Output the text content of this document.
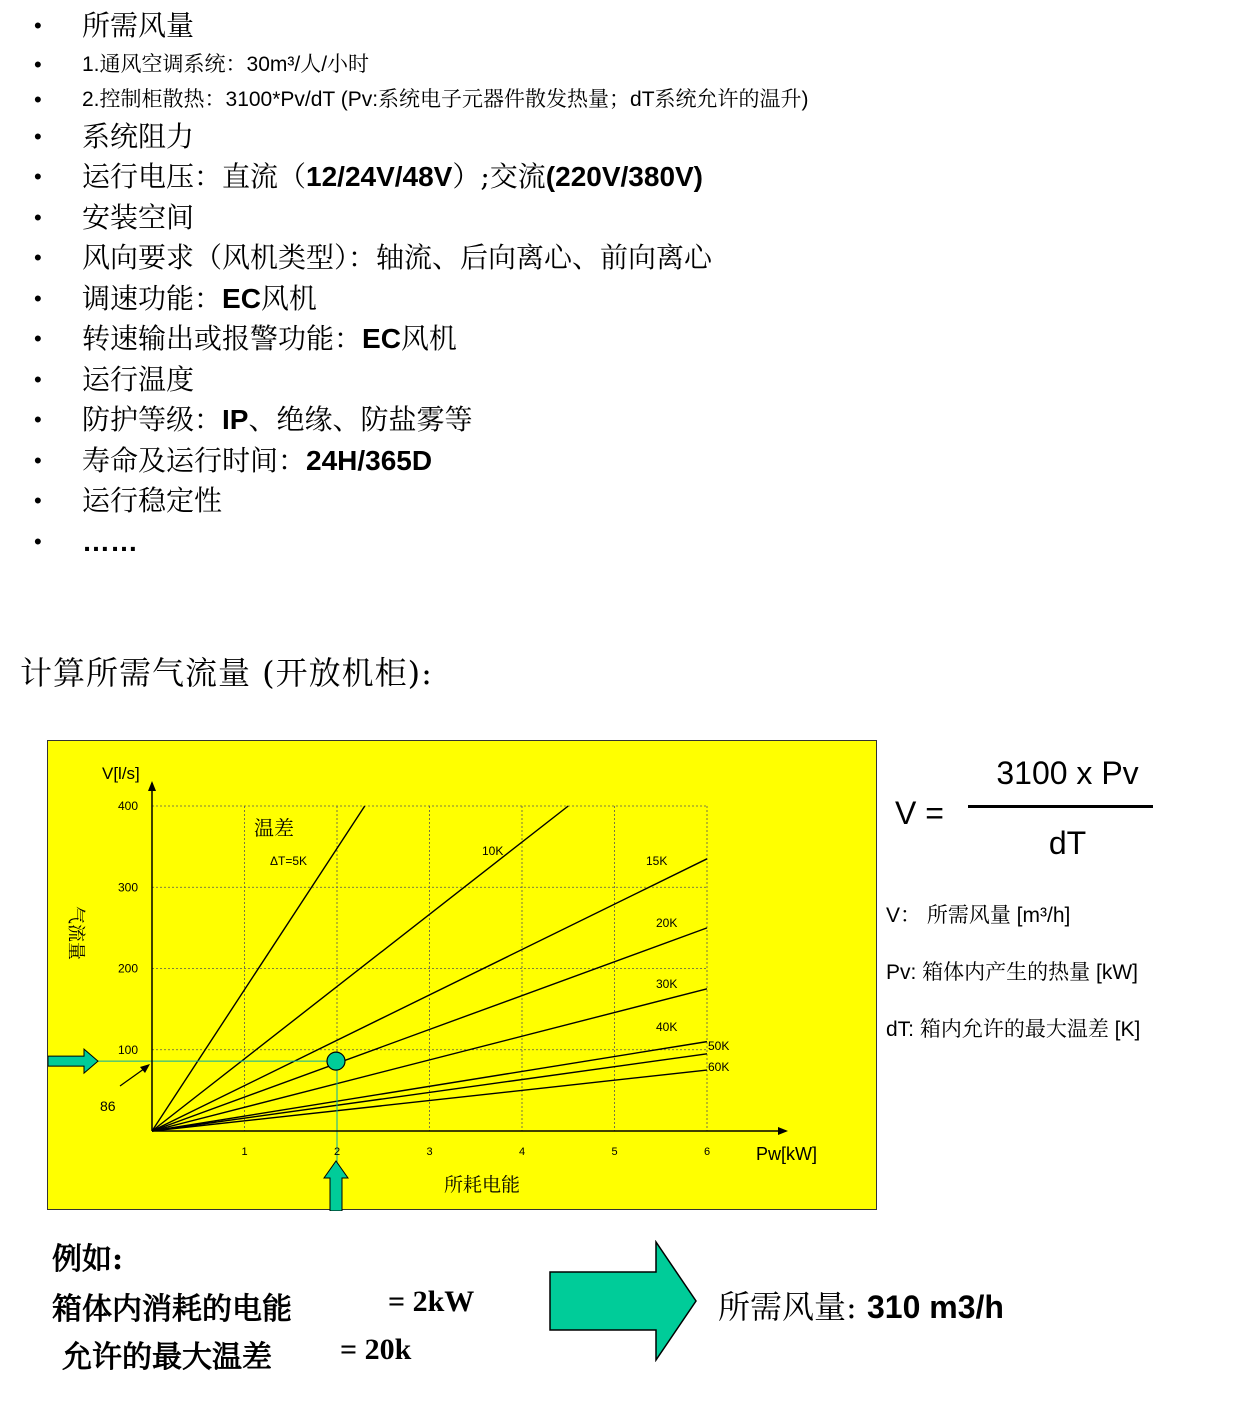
• 所需风量
• 1.通风空调系统：30m³/人/小时
• 2.控制柜散热：3100*Pv/dT (Pv:系统电子元器件散发热量；dT系统允许的温升)
• 系统阻力
• 运行电压：直流（12/24V/48V）;交流(220V/380V)
• 安装空间
• 风向要求（风机类型）：轴流、后向离心、前向离心
• 调速功能：EC风机
• 转速输出或报警功能：EC风机
• 运行温度
• 防护等级：IP、绝缘、防盐雾等
• 寿命及运行时间：24H/365D
• 运行稳定性
• ……
计算所需气流量 (开放机柜):
1	2	3	4	5	6
100
200
300
400
V[l/s]
Pw[kW]
所耗电能
气流量
温差
86
ΔT=5K
10K
15K
20K
30K
40K
50K
60K
V =
3100 x Pv
dT
V： 所需风量 [m³/h]
Pv: 箱体内产生的热量 [kW]
dT: 箱内允许的最大温差 [K]
例如:
箱体内消耗的电能	= 2kW
允许的最大温差 = 20k
所需风量: 310 m3/h
